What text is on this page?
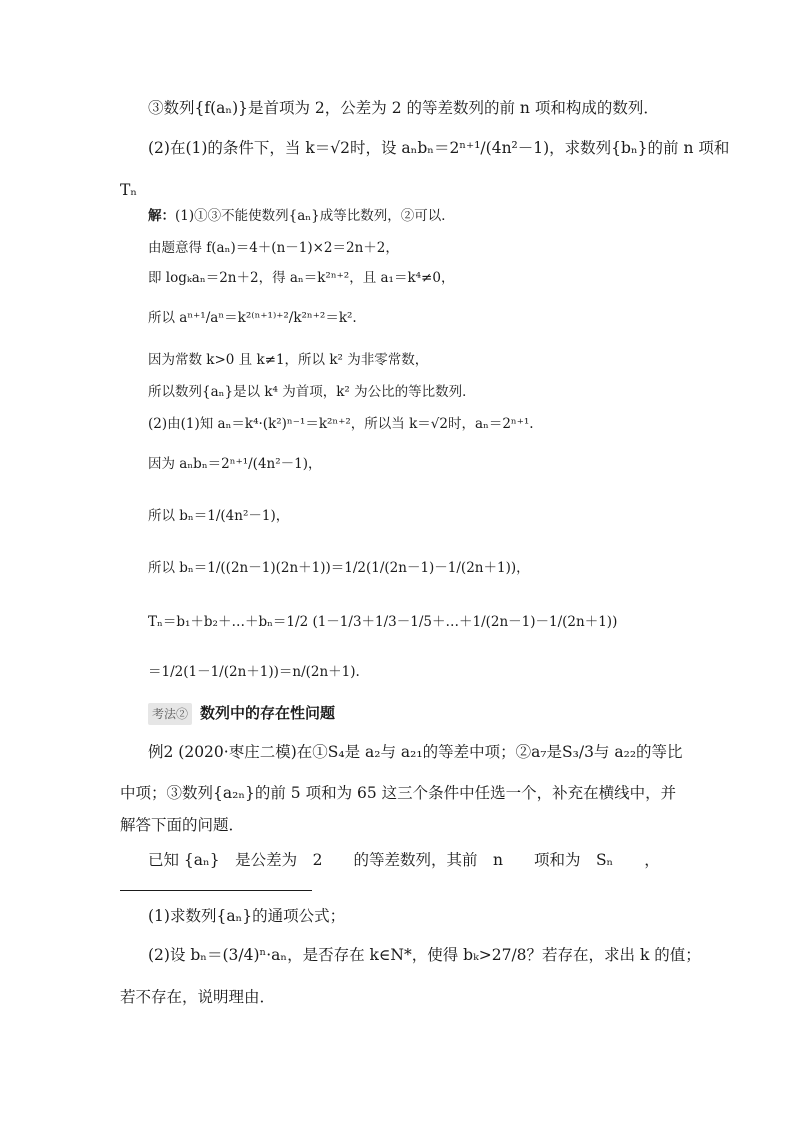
③数列{f(aₙ)}是首项为 2，公差为 2 的等差数列的前 n 项和构成的数列．
(2)在(1)的条件下，当 k＝√2时，设 aₙbₙ＝2ⁿ⁺¹/(4n²－1)，求数列{bₙ}的前 n 项和
Tₙ
解：(1)①③不能使数列{aₙ}成等比数列，②可以．
由题意得 f(aₙ)＝4＋(n－1)×2＝2n＋2，
即 logₖaₙ＝2n＋2，得 aₙ＝k²ⁿ⁺²，且 a₁＝k⁴≠0，
所以 aⁿ⁺¹/aⁿ＝k²⁽ⁿ⁺¹⁾⁺²/k²ⁿ⁺²＝k².
因为常数 k>0 且 k≠1，所以 k² 为非零常数，
所以数列{aₙ}是以 k⁴ 为首项，k² 为公比的等比数列．
(2)由(1)知 aₙ＝k⁴·(k²)ⁿ⁻¹＝k²ⁿ⁺²，所以当 k＝√2时，aₙ＝2ⁿ⁺¹.
因为 aₙbₙ＝2ⁿ⁺¹/(4n²－1)，
所以 bₙ＝1/(4n²－1)，
所以 bₙ＝1/((2n－1)(2n＋1))＝1/2(1/(2n－1)－1/(2n＋1))，
Tₙ＝b₁＋b₂＋…＋bₙ＝1/2 (1－1/3＋1/3－1/5＋…＋1/(2n－1)－1/(2n＋1))
＝1/2(1－1/(2n＋1))＝n/(2n＋1).
考法② 数列中的存在性问题
例2 (2020·枣庄二模)在①S₄是 a₂与 a₂₁的等差中项；②a₇是S₃/3与 a₂₂的等比
中项；③数列{a₂ₙ}的前 5 项和为 65 这三个条件中任选一个，补充在横线中，并
解答下面的问题．
已知 {aₙ}　是公差为　2　　的等差数列，其前　n　　项和为　Sₙ　　，
(1)求数列{aₙ}的通项公式；
(2)设 bₙ＝(3/4)ⁿ·aₙ，是否存在 k∈N*，使得 bₖ>27/8？若存在，求出 k 的值；
若不存在，说明理由．
